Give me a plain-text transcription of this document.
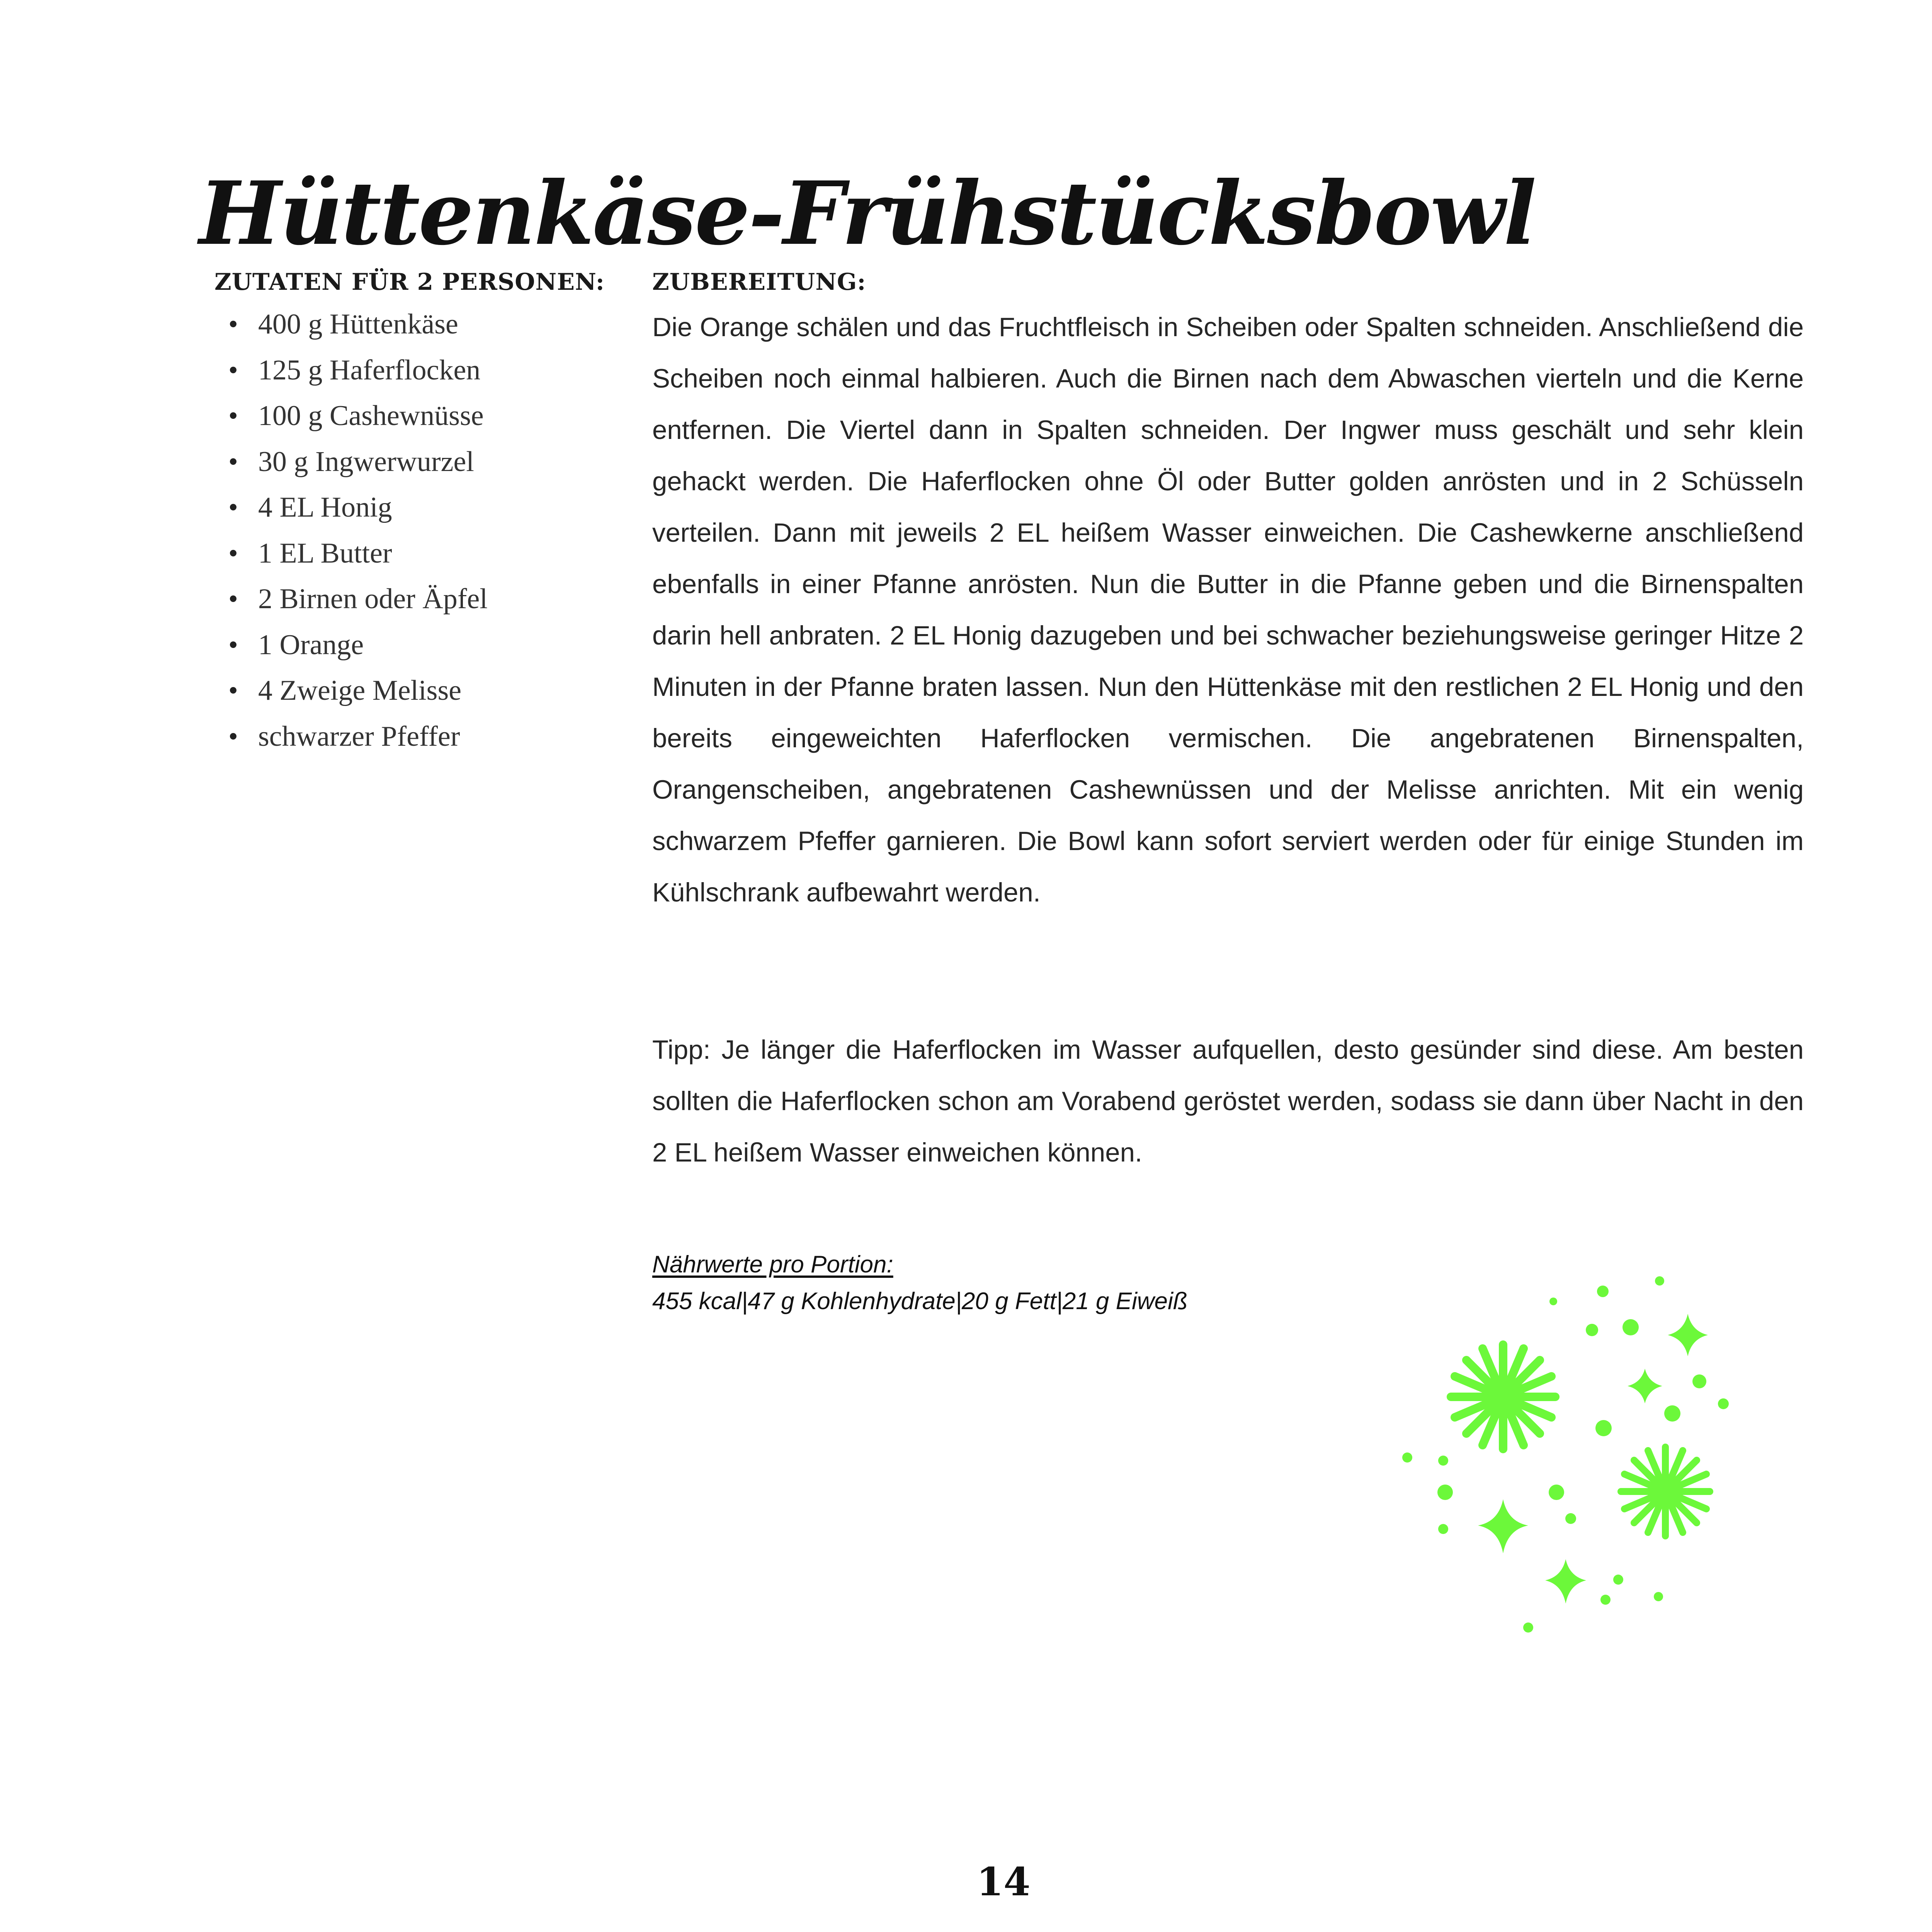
Hüttenkäse-Frühstücksbowl
ZUTATEN FÜR 2 PERSONEN:
400 g Hüttenkäse
125 g Haferflocken
100 g Cashewnüsse
30 g Ingwerwurzel
4 EL Honig
1 EL Butter
2 Birnen oder Äpfel
1 Orange
4 Zweige Melisse
schwarzer Pfeffer
ZUBEREITUNG:

Die Orange schälen und das Fruchtfleisch in Scheiben oder Spalten schneiden. Anschließend die Scheiben noch einmal halbieren. Auch die Birnen nach dem Abwaschen vierteln und die Kerne entfernen. Die Viertel dann in Spalten schneiden. Der Ingwer muss geschält und sehr klein gehackt werden. Die Haferflocken ohne Öl oder Butter golden anrösten und in 2 Schüsseln verteilen. Dann mit jeweils 2 EL heißem Wasser einweichen. Die Cashewkerne anschließend ebenfalls in einer Pfanne anrösten. Nun die Butter in die Pfanne geben und die Birnenspalten darin hell anbraten. 2 EL Honig dazugeben und bei schwacher beziehungsweise geringer Hitze 2 Minuten in der Pfanne braten lassen. Nun den Hüttenkäse mit den restlichen 2 EL Honig und den bereits eingeweichten Haferflocken vermischen. Die angebratenen Birnenspalten, Orangenscheiben, angebratenen Cashewnüssen und der Melisse anrichten. Mit ein wenig schwarzem Pfeffer garnieren. Die Bowl kann sofort serviert werden oder für einige Stunden im Kühlschrank aufbewahrt werden.

Tipp: Je länger die Haferflocken im Wasser aufquellen, desto gesünder sind diese. Am besten sollten die Haferflocken schon am Vorabend geröstet werden, sodass sie dann über Nacht in den 2 EL heißem Wasser einweichen können.

Nährwerte pro Portion:
455 kcal|47 g Kohlenhydrate|20 g Fett|21 g Eiweiß
14
